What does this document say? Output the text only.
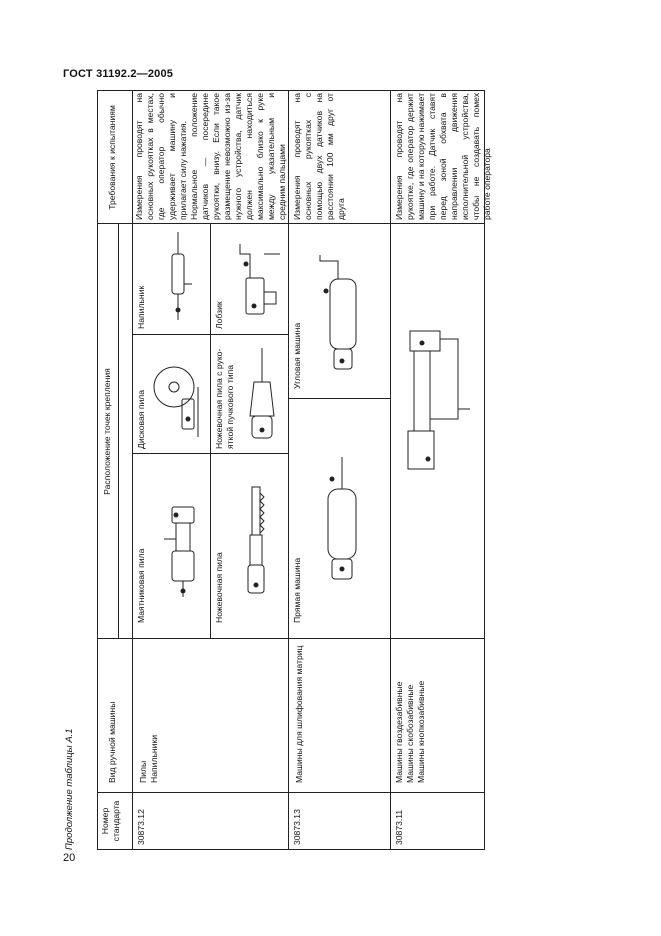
ГОСТ 31192.2—2005
20
Продолжение таблицы А.1	Номер стандарта
Вид ручной машины
Расположение точек крепления
Требования к испытаниям
30873.12
Пилы
Напильники
Маятниковая пила
Дисковая пила
Напильник
Ножевочная пила
Ножевочная пила с руко- яткой пучкового типа
Лобзик
Измерения проводят на основных рукоятках в местах, где оператор обычно удерживает машину и прилагает силу нажатия.
Нормальное положение датчиков — посередине рукоятки, внизу. Если такое размещение невозможно из-за нужного устройства, датчик должен находиться максимально близко к руке между указательным и средним пальцами
30873.13
Машины для шлифования матриц
Прямая машина
Угловая машина
Измерения проводят на основных рукоятках с помощью двух датчиков на расстоянии 100 мм друг от друга
30873.11
Машины гвоздезабивные
Машины скобозабивные
Машины кнопкозабивные
Измерения проводят на рукоятке, где оператор держит машину и на которую нажимает при работе. Датчик ставят перед зоной обхвата в направлении движения исполнительной устройства, чтобы не создавать помех работе оператора
